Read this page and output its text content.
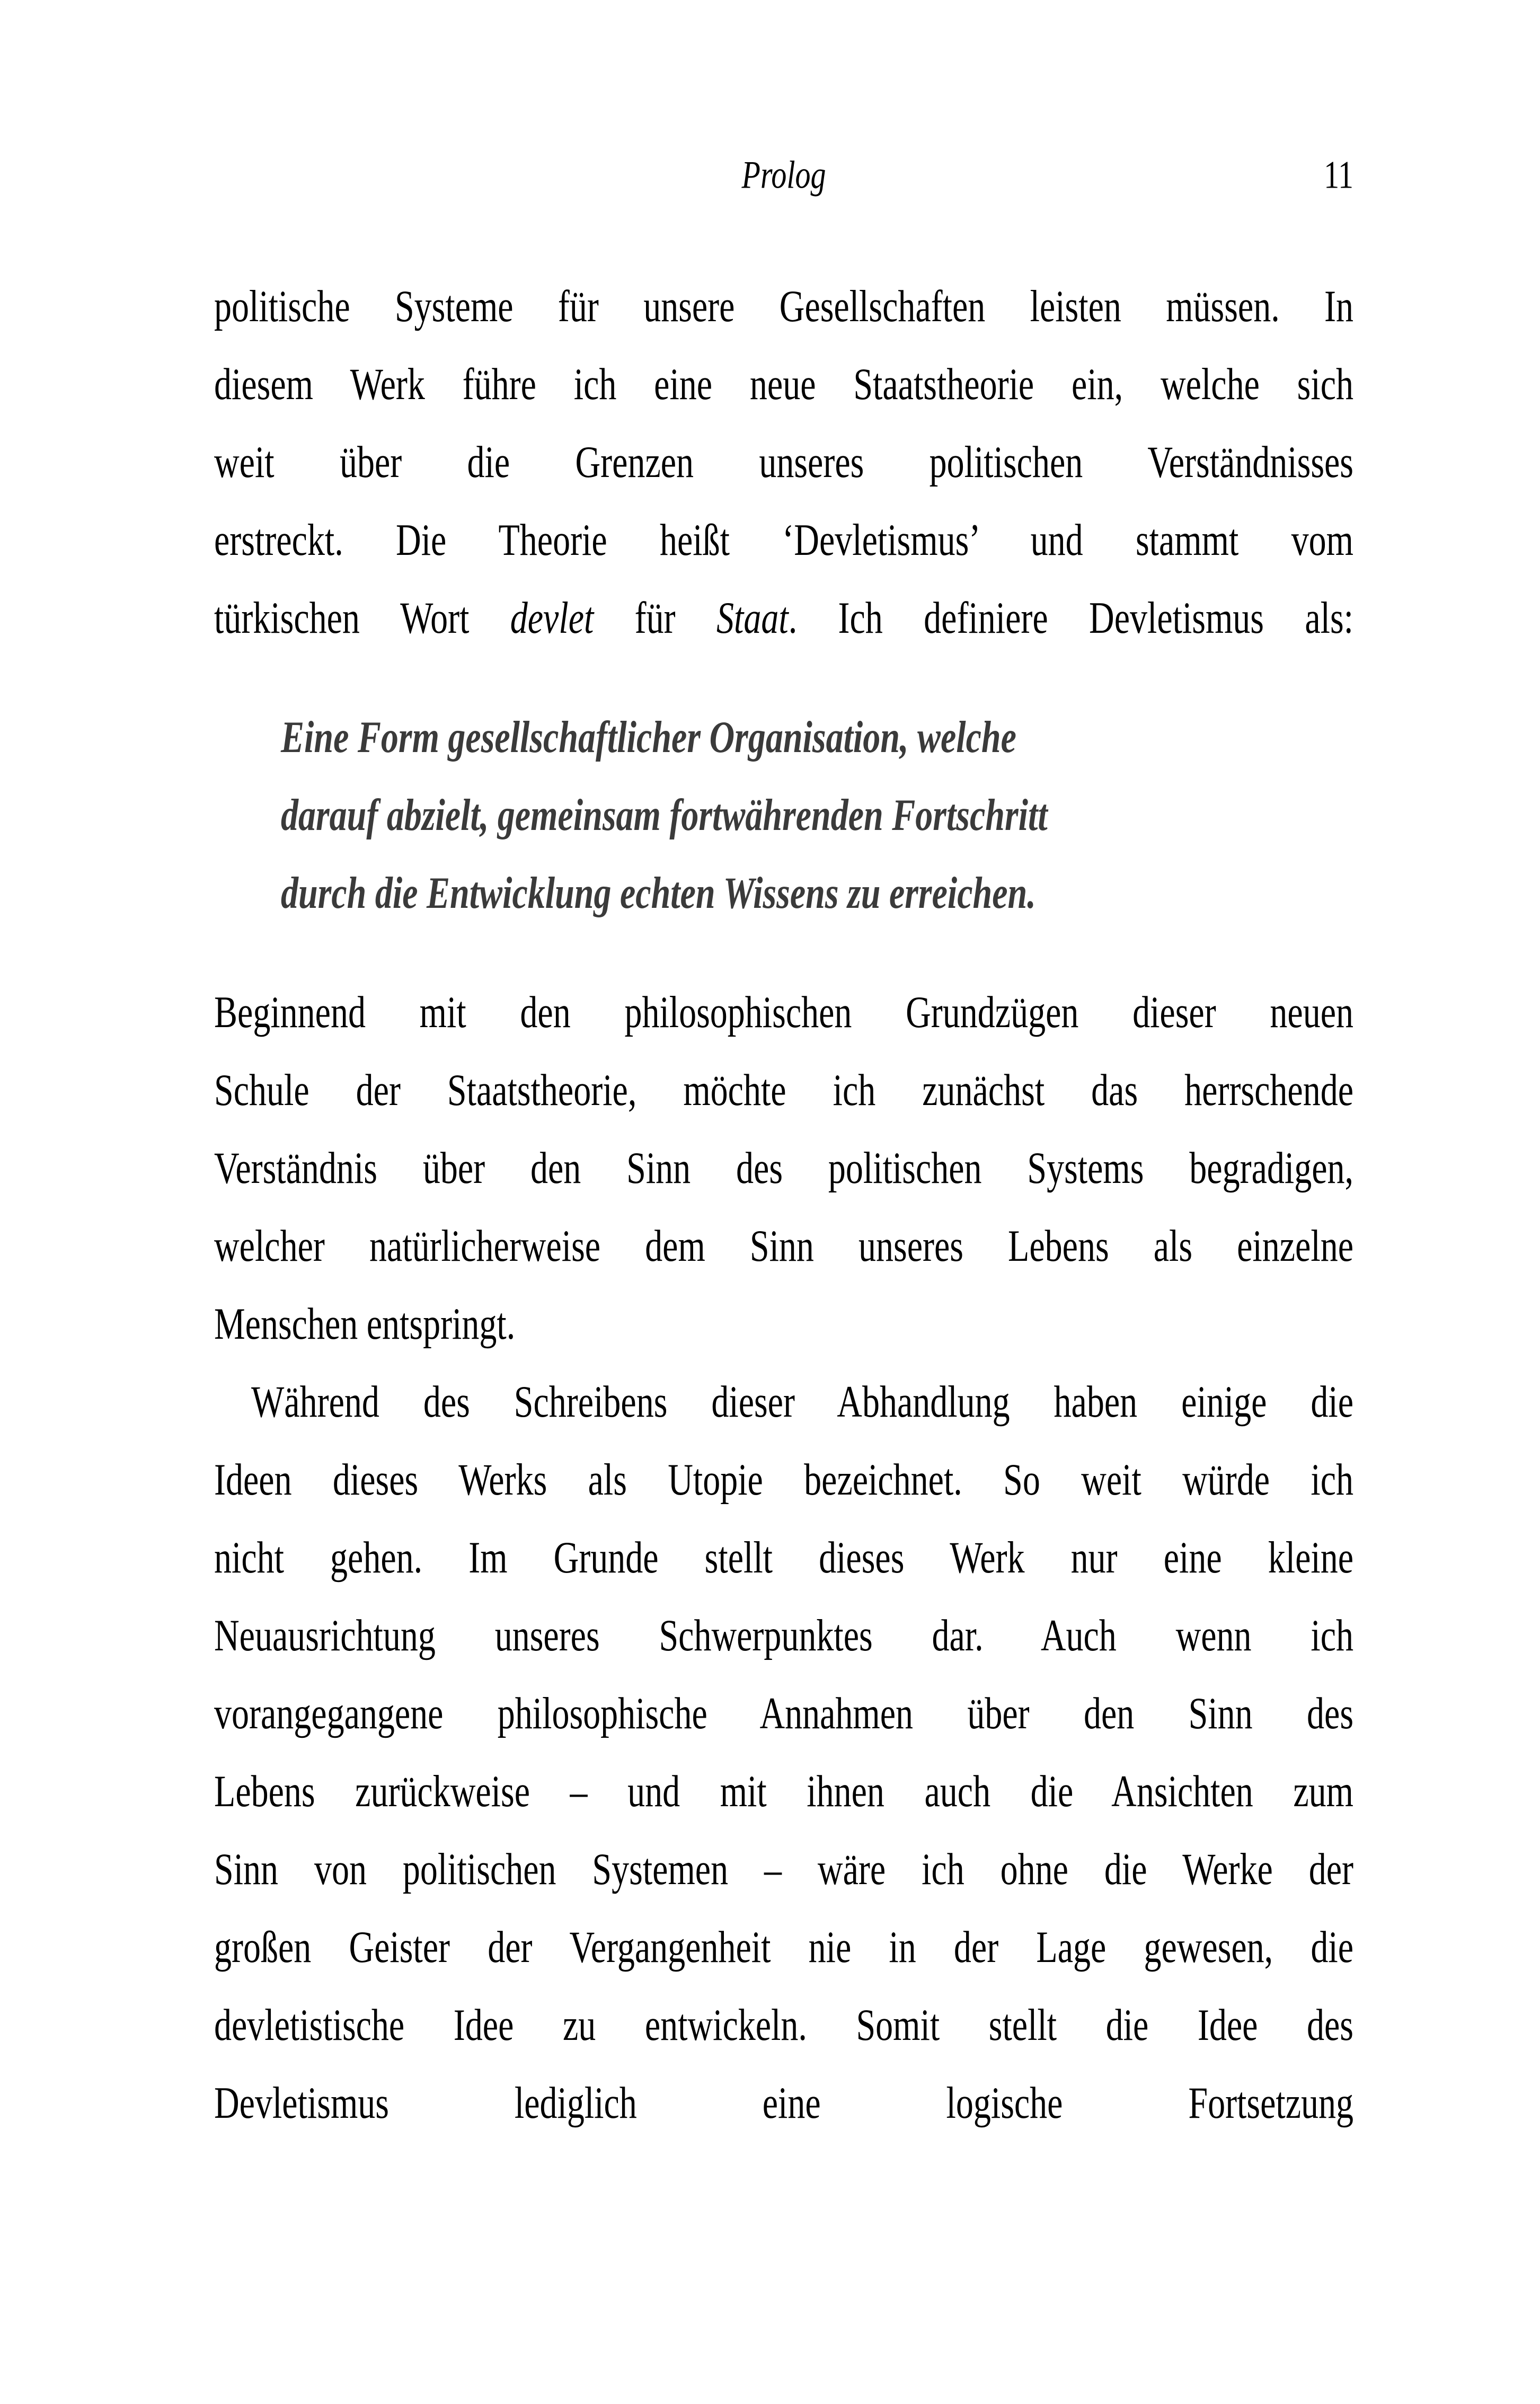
Prolog	11
politische Systeme für unsere Gesellschaften leisten müssen. In
diesem Werk führe ich eine neue Staatstheorie ein, welche sich
weit über die Grenzen unseres politischen Verständnisses
erstreckt. Die Theorie heißt ‘Devletismus’ und stammt vom
türkischen Wort devlet für Staat. Ich definiere Devletismus als:
Eine Form gesellschaftlicher Organisation, welche
darauf abzielt, gemeinsam fortwährenden Fortschritt
durch die Entwicklung echten Wissens zu erreichen.
Beginnend mit den philosophischen Grundzügen dieser neuen
Schule der Staatstheorie, möchte ich zunächst das herrschende
Verständnis über den Sinn des politischen Systems begradigen,
welcher natürlicherweise dem Sinn unseres Lebens als einzelne
Menschen entspringt.
Während des Schreibens dieser Abhandlung haben einige die
Ideen dieses Werks als Utopie bezeichnet. So weit würde ich
nicht gehen. Im Grunde stellt dieses Werk nur eine kleine
Neuausrichtung unseres Schwerpunktes dar. Auch wenn ich
vorangegangene philosophische Annahmen über den Sinn des
Lebens zurückweise – und mit ihnen auch die Ansichten zum
Sinn von politischen Systemen – wäre ich ohne die Werke der
großen Geister der Vergangenheit nie in der Lage gewesen, die
devletistische Idee zu entwickeln. Somit stellt die Idee des
Devletismus lediglich eine logische Fortsetzung
